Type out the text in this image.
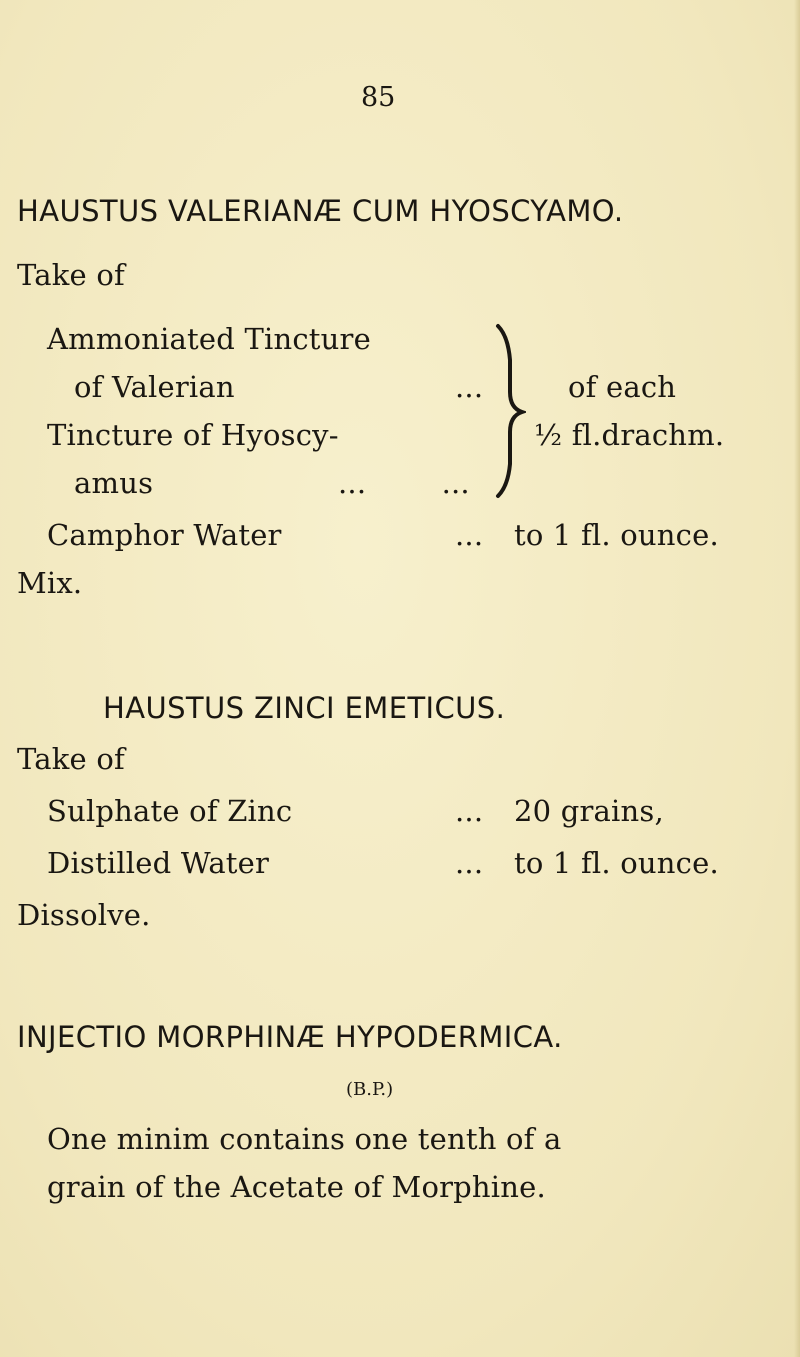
85
HAUSTUS VALERIANÆ CUM HYOSCYAMO.
Take of
Ammoniated Tincture
of Valerian	...
Tincture of Hyoscy-
amus	...        ...
of each
½ fl.drachm.
Camphor Water	... to 1 fl. ounce.
Mix.
HAUSTUS ZINCI EMETICUS.
Take of
Sulphate of Zinc	... 20 grains,
Distilled Water	... to 1 fl. ounce.
Dissolve.
INJECTIO MORPHINÆ HYPODERMICA.
(B.P.)
One minim contains one tenth of a
grain of the Acetate of Morphine.
